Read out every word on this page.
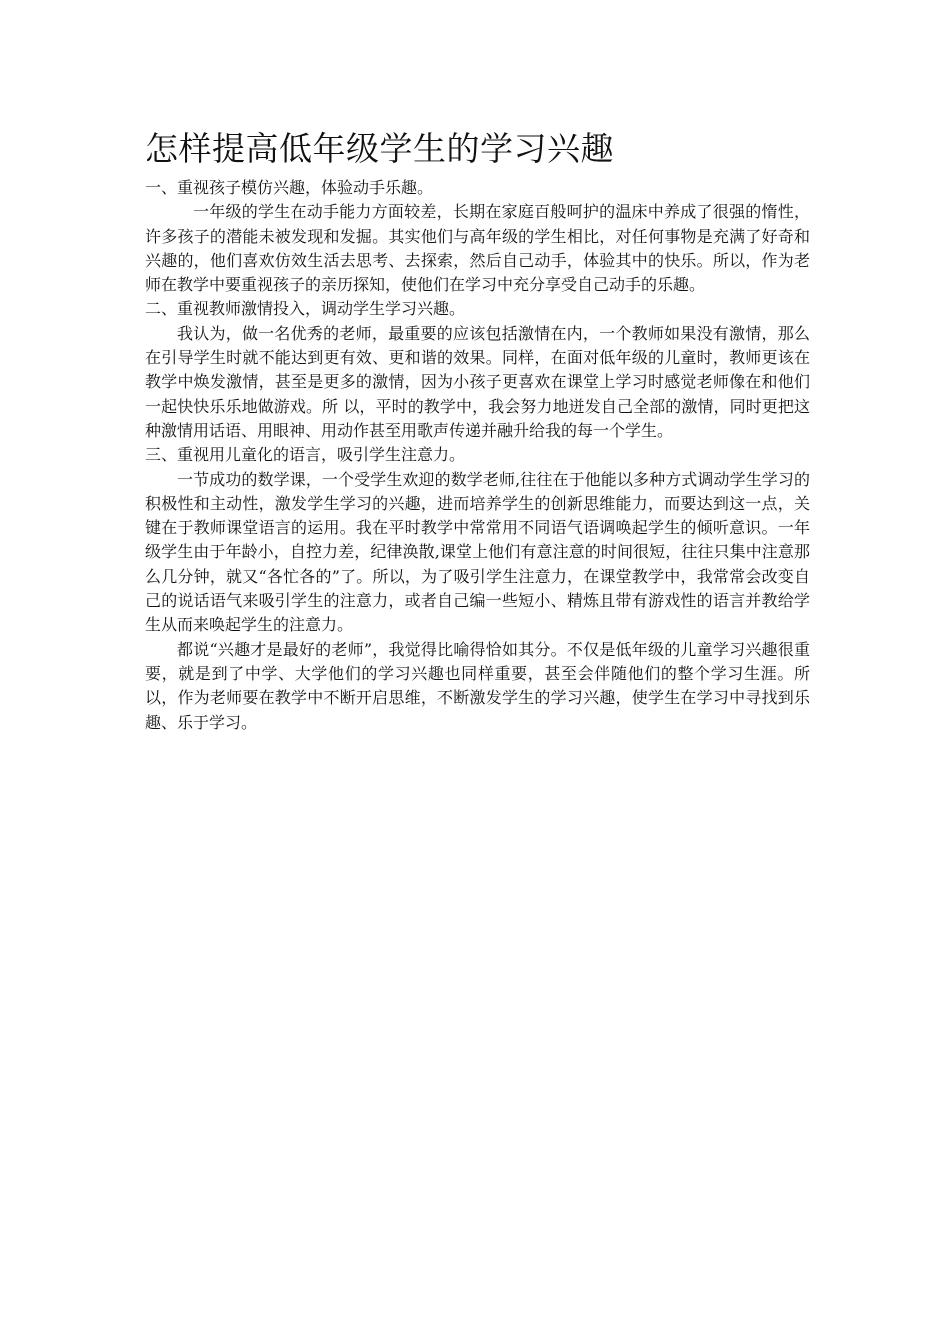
怎样提高低年级学生的学习兴趣
一、重视孩子模仿兴趣，体验动手乐趣。

一年级的学生在动手能力方面较差，长期在家庭百般呵护的温床中养成了很强的惰性，许多孩子的潜能未被发现和发掘。其实他们与高年级的学生相比，对任何事物是充满了好奇和兴趣的，他们喜欢仿效生活去思考、去探索，然后自己动手，体验其中的快乐。所以，作为老师在教学中要重视孩子的亲历探知，使他们在学习中充分享受自己动手的乐趣。

二、重视教师激情投入，调动学生学习兴趣。

我认为，做一名优秀的老师，最重要的应该包括激情在内，一个教师如果没有激情，那么在引导学生时就不能达到更有效、更和谐的效果。同样，在面对低年级的儿童时，教师更该在教学中焕发激情，甚至是更多的激情，因为小孩子更喜欢在课堂上学习时感觉老师像在和他们一起快快乐乐地做游戏。所 以，平时的教学中，我会努力地迸发自己全部的激情，同时更把这种激情用话语、用眼神、用动作甚至用歌声传递并融升给我的每一个学生。

三、重视用儿童化的语言，吸引学生注意力。

一节成功的数学课，一个受学生欢迎的数学老师,往往在于他能以多种方式调动学生学习的积极性和主动性，激发学生学习的兴趣，进而培养学生的创新思维能力，而要达到这一点，关键在于教师课堂语言的运用。我在平时教学中常常用不同语气语调唤起学生的倾听意识。一年级学生由于年龄小，自控力差，纪律涣散,课堂上他们有意注意的时间很短，往往只集中注意那么几分钟，就又“各忙各的”了。所以，为了吸引学生注意力，在课堂教学中，我常常会改变自己的说话语气来吸引学生的注意力，或者自己编一些短小、精炼且带有游戏性的语言并教给学生从而来唤起学生的注意力。

都说“兴趣才是最好的老师”，我觉得比喻得恰如其分。不仅是低年级的儿童学习兴趣很重要，就是到了中学、大学他们的学习兴趣也同样重要，甚至会伴随他们的整个学习生涯。所以，作为老师要在教学中不断开启思维，不断激发学生的学习兴趣，使学生在学习中寻找到乐趣、乐于学习。
